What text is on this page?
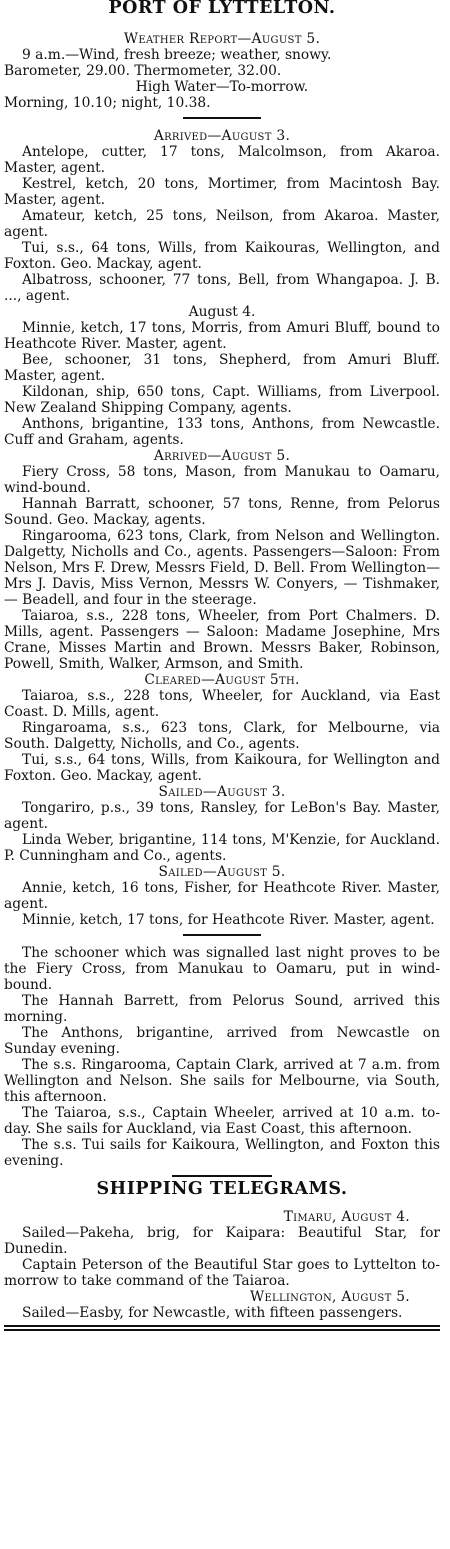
PORT OF LYTTELTON.
Weather Report—August 5.
9 a.m.—Wind, fresh breeze; weather, snowy.
Barometer, 29.00. Thermometer, 32.00.
High Water—To-morrow.
Morning, 10.10; night, 10.38.
Arrived—August 3.
Antelope, cutter, 17 tons, Malcolmson, from Akaroa. Master, agent.
Kestrel, ketch, 20 tons, Mortimer, from Macintosh Bay. Master, agent.
Amateur, ketch, 25 tons, Neilson, from Akaroa. Master, agent.
Tui, s.s., 64 tons, Wills, from Kaikouras, Wellington, and Foxton. Geo. Mackay, agent.
Albatross, schooner, 77 tons, Bell, from Whangapoa. J. B. ..., agent.
August 4.
Minnie, ketch, 17 tons, Morris, from Amuri Bluff, bound to Heathcote River. Master, agent.
Bee, schooner, 31 tons, Shepherd, from Amuri Bluff. Master, agent.
Kildonan, ship, 650 tons, Capt. Williams, from Liverpool. New Zealand Shipping Company, agents.
Anthons, brigantine, 133 tons, Anthons, from Newcastle. Cuff and Graham, agents.
Arrived—August 5.
Fiery Cross, 58 tons, Mason, from Manukau to Oamaru, wind-bound.
Hannah Barratt, schooner, 57 tons, Renne, from Pelorus Sound. Geo. Mackay, agents.
Ringarooma, 623 tons, Clark, from Nelson and Wellington. Dalgetty, Nicholls and Co., agents. Passengers—Saloon: From Nelson, Mrs F. Drew, Messrs Field, D. Bell. From Wellington—Mrs J. Davis, Miss Vernon, Messrs W. Conyers, — Tishmaker, — Beadell, and four in the steerage.
Taiaroa, s.s., 228 tons, Wheeler, from Port Chalmers. D. Mills, agent. Passengers — Saloon: Madame Josephine, Mrs Crane, Misses Martin and Brown. Messrs Baker, Robinson, Powell, Smith, Walker, Armson, and Smith.
Cleared—August 5th.
Taiaroa, s.s., 228 tons, Wheeler, for Auckland, via East Coast. D. Mills, agent.
Ringaroama, s.s., 623 tons, Clark, for Melbourne, via South. Dalgetty, Nicholls, and Co., agents.
Tui, s.s., 64 tons, Wills, from Kaikoura, for Wellington and Foxton. Geo. Mackay, agent.
Sailed—August 3.
Tongariro, p.s., 39 tons, Ransley, for LeBon's Bay. Master, agent.
Linda Weber, brigantine, 114 tons, M'Kenzie, for Auckland. P. Cunningham and Co., agents.
Sailed—August 5.
Annie, ketch, 16 tons, Fisher, for Heathcote River. Master, agent.
Minnie, ketch, 17 tons, for Heathcote River. Master, agent.
The schooner which was signalled last night proves to be the Fiery Cross, from Manukau to Oamaru, put in wind-bound.
The Hannah Barrett, from Pelorus Sound, arrived this morning.
The Anthons, brigantine, arrived from Newcastle on Sunday evening.
The s.s. Ringarooma, Captain Clark, arrived at 7 a.m. from Wellington and Nelson. She sails for Melbourne, via South, this afternoon.
The Taiaroa, s.s., Captain Wheeler, arrived at 10 a.m. to-day. She sails for Auckland, via East Coast, this afternoon.
The s.s. Tui sails for Kaikoura, Wellington, and Foxton this evening.
SHIPPING TELEGRAMS.
Timaru, August 4.
Sailed—Pakeha, brig, for Kaipara: Beautiful Star, for Dunedin.
Captain Peterson of the Beautiful Star goes to Lyttelton to-morrow to take command of the Taiaroa.
Wellington, August 5.
Sailed—Easby, for Newcastle, with fifteen passengers.
